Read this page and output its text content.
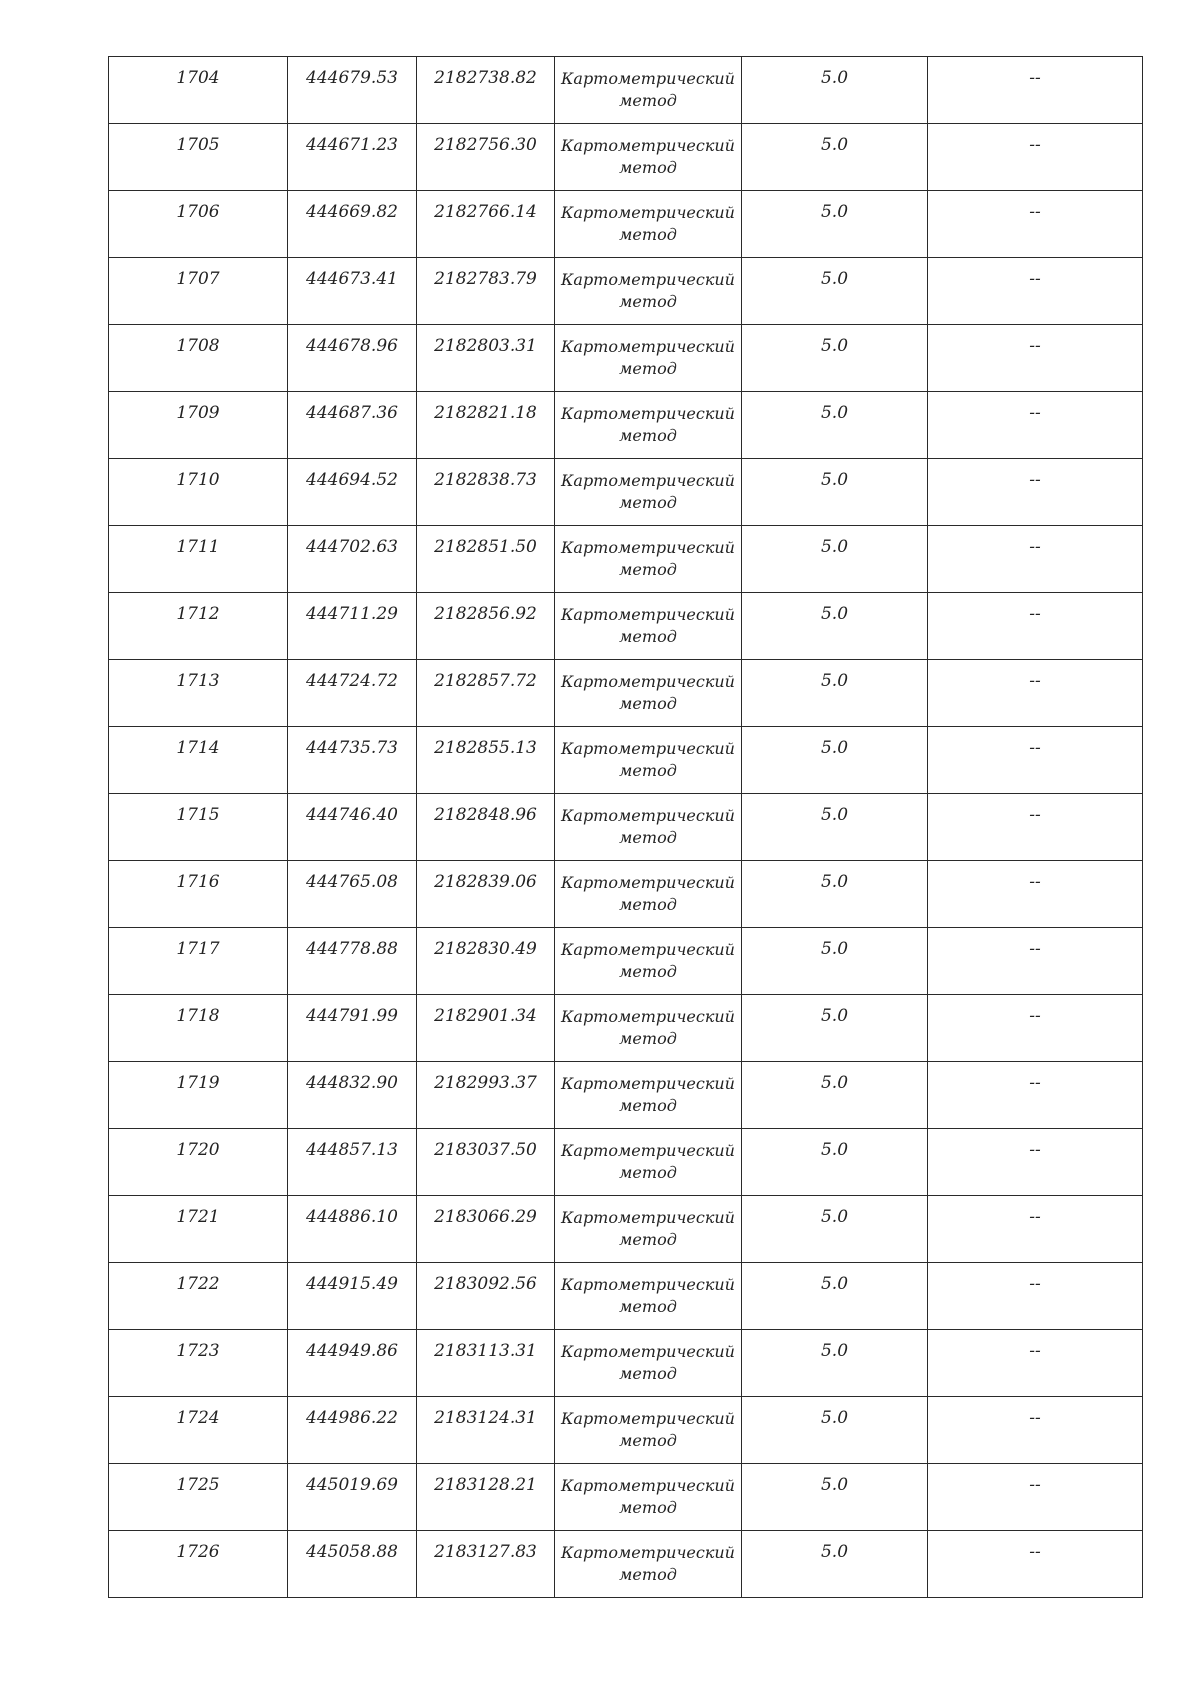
1704	444679.53	2182738.82	Картометрический метод	5.0	--
1705	444671.23	2182756.30	Картометрический метод	5.0	--
1706	444669.82	2182766.14	Картометрический метод	5.0	--
1707	444673.41	2182783.79	Картометрический метод	5.0	--
1708	444678.96	2182803.31	Картометрический метод	5.0	--
1709	444687.36	2182821.18	Картометрический метод	5.0	--
1710	444694.52	2182838.73	Картометрический метод	5.0	--
1711	444702.63	2182851.50	Картометрический метод	5.0	--
1712	444711.29	2182856.92	Картометрический метод	5.0	--
1713	444724.72	2182857.72	Картометрический метод	5.0	--
1714	444735.73	2182855.13	Картометрический метод	5.0	--
1715	444746.40	2182848.96	Картометрический метод	5.0	--
1716	444765.08	2182839.06	Картометрический метод	5.0	--
1717	444778.88	2182830.49	Картометрический метод	5.0	--
1718	444791.99	2182901.34	Картометрический метод	5.0	--
1719	444832.90	2182993.37	Картометрический метод	5.0	--
1720	444857.13	2183037.50	Картометрический метод	5.0	--
1721	444886.10	2183066.29	Картометрический метод	5.0	--
1722	444915.49	2183092.56	Картометрический метод	5.0	--
1723	444949.86	2183113.31	Картометрический метод	5.0	--
1724	444986.22	2183124.31	Картометрический метод	5.0	--
1725	445019.69	2183128.21	Картометрический метод	5.0	--
1726	445058.88	2183127.83	Картометрический метод	5.0	--
